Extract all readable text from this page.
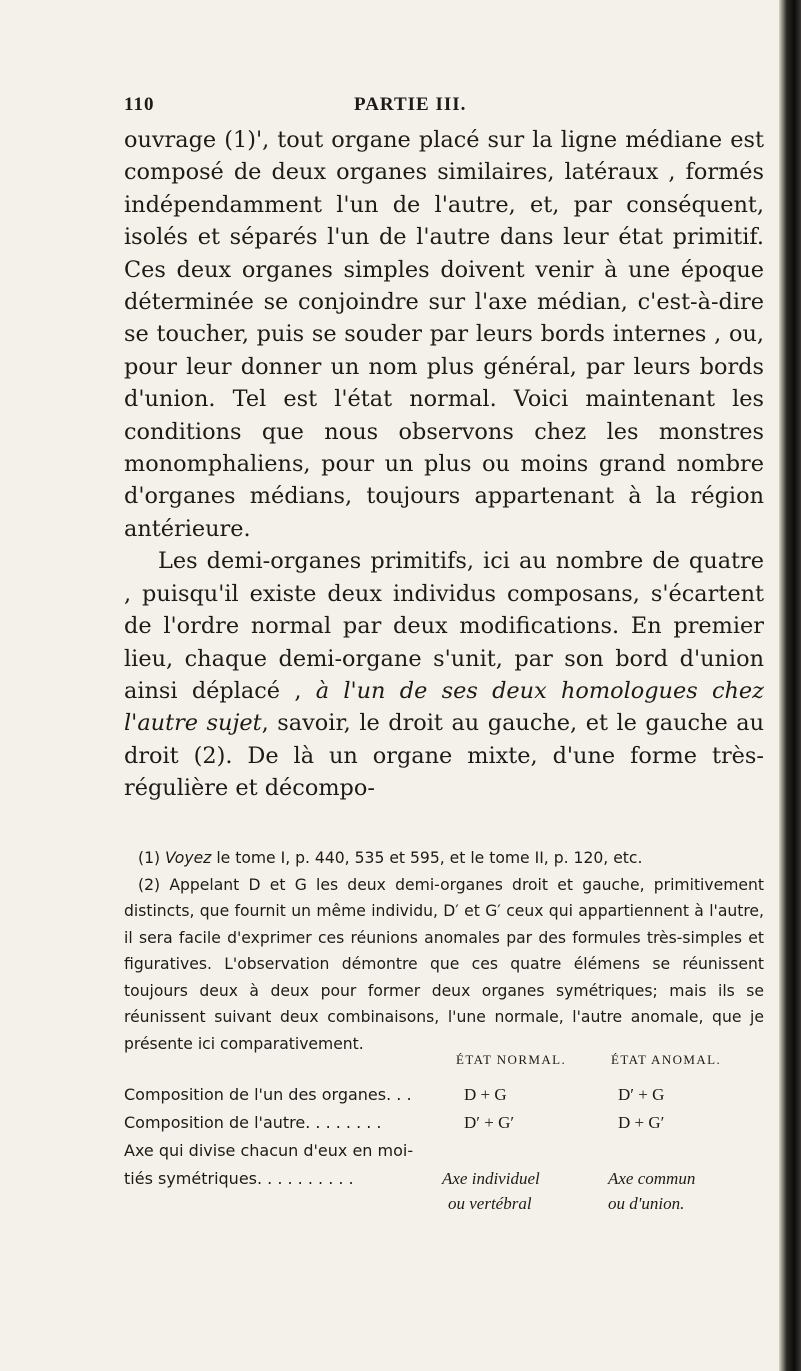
110	PARTIE III.

ouvrage (1)', tout organe placé sur la ligne médiane est composé de deux organes similaires, latéraux , formés indépendamment l'un de l'autre, et, par conséquent, isolés et séparés l'un de l'autre dans leur état primitif. Ces deux organes simples doivent venir à une époque déterminée se conjoindre sur l'axe médian, c'est-à-dire se toucher, puis se souder par leurs bords internes , ou, pour leur donner un nom plus général, par leurs bords d'union. Tel est l'état normal. Voici maintenant les conditions que nous observons chez les monstres monomphaliens, pour un plus ou moins grand nombre d'organes médians, toujours appartenant à la région antérieure.

Les demi-organes primitifs, ici au nombre de quatre , puisqu'il existe deux individus composans, s'écartent de l'ordre normal par deux modifications. En premier lieu, chaque demi-organe s'unit, par son bord d'union ainsi déplacé , à l'un de ses deux homologues chez l'autre sujet, savoir, le droit au gauche, et le gauche au droit (2). De là un organe mixte, d'une forme très-régulière et décompo-

(1) Voyez le tome I, p. 440, 535 et 595, et le tome II, p. 120, etc.

(2) Appelant D et G les deux demi-organes droit et gauche, primitivement distincts, que fournit un même individu, D′ et G′ ceux qui appartiennent à l'autre, il sera facile d'exprimer ces réunions anomales par des formules très-simples et figuratives. L'observation démontre que ces quatre élémens se réunissent toujours deux à deux pour former deux organes symétriques; mais ils se réunissent suivant deux combinaisons, l'une normale, l'autre anomale, que je présente ici comparativement.

ÉTAT NORMAL.	ÉTAT ANOMAL.
Composition de l'un des organes. . .	D + G	D′ + G
Composition de l'autre. . . . . . . .	D′ + G′	D + G′
Axe qui divise chacun d'eux en moi-
tiés symétriques. . . . . . . . . .	Axe individuel	Axe commun
ou vertébral	ou d'union.
